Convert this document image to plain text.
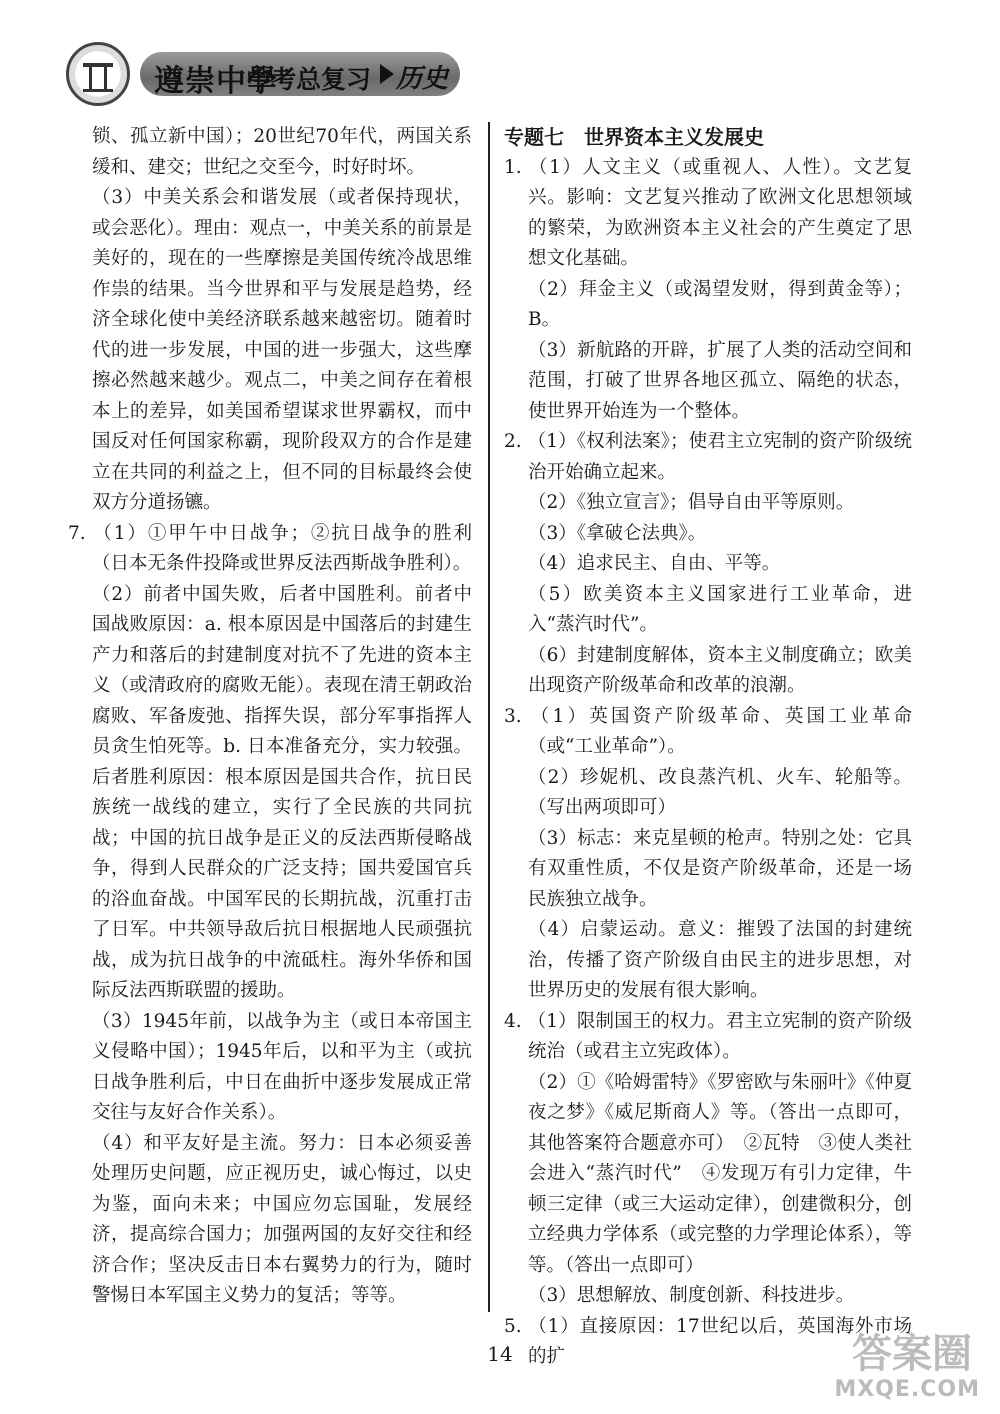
遵崇中學
中考总复习 历史

锁、孤立新中国）；20世纪70年代，两国关系缓和、建交；世纪之交至今，时好时坏。

（3）中美关系会和谐发展（或者保持现状，或会恶化）。理由：观点一，中美关系的前景是美好的，现在的一些摩擦是美国传统冷战思维作祟的结果。当今世界和平与发展是趋势，经济全球化使中美经济联系越来越密切。随着时代的进一步发展，中国的进一步强大，这些摩擦必然越来越少。观点二，中美之间存在着根本上的差异，如美国希望谋求世界霸权，而中国反对任何国家称霸，现阶段双方的合作是建立在共同的利益之上，但不同的目标最终会使双方分道扬镳。

7. （1）①甲午中日战争；②抗日战争的胜利（日本无条件投降或世界反法西斯战争胜利）。

（2）前者中国失败，后者中国胜利。前者中国战败原因：a. 根本原因是中国落后的封建生产力和落后的封建制度对抗不了先进的资本主义（或清政府的腐败无能）。表现在清王朝政治腐败、军备废弛、指挥失误，部分军事指挥人员贪生怕死等。b. 日本准备充分，实力较强。后者胜利原因：根本原因是国共合作，抗日民族统一战线的建立，实行了全民族的共同抗战；中国的抗日战争是正义的反法西斯侵略战争，得到人民群众的广泛支持；国共爱国官兵的浴血奋战。中国军民的长期抗战，沉重打击了日军。中共领导敌后抗日根据地人民顽强抗战，成为抗日战争的中流砥柱。海外华侨和国际反法西斯联盟的援助。

（3）1945年前，以战争为主（或日本帝国主义侵略中国）；1945年后，以和平为主（或抗日战争胜利后，中日在曲折中逐步发展成正常交往与友好合作关系）。

（4）和平友好是主流。努力：日本必须妥善处理历史问题，应正视历史，诚心悔过，以史为鉴，面向未来；中国应勿忘国耻，发展经济，提高综合国力；加强两国的友好交往和经济合作；坚决反击日本右翼势力的行为，随时警惕日本军国主义势力的复活；等等。

专题七　世界资本主义发展史

1. （1）人文主义（或重视人、人性）。文艺复兴。影响：文艺复兴推动了欧洲文化思想领域的繁荣，为欧洲资本主义社会的产生奠定了思想文化基础。

（2）拜金主义（或渴望发财，得到黄金等）；B。

（3）新航路的开辟，扩展了人类的活动空间和范围，打破了世界各地区孤立、隔绝的状态，使世界开始连为一个整体。

2. （1）《权利法案》；使君主立宪制的资产阶级统治开始确立起来。

（2）《独立宣言》；倡导自由平等原则。

（3）《拿破仑法典》。

（4）追求民主、自由、平等。

（5）欧美资本主义国家进行工业革命，进入“蒸汽时代”。

（6）封建制度解体，资本主义制度确立；欧美出现资产阶级革命和改革的浪潮。

3. （1）英国资产阶级革命、英国工业革命（或“工业革命”）。

（2）珍妮机、改良蒸汽机、火车、轮船等。（写出两项即可）

（3）标志：来克星顿的枪声。特别之处：它具有双重性质，不仅是资产阶级革命，还是一场民族独立战争。

（4）启蒙运动。意义：摧毁了法国的封建统治，传播了资产阶级自由民主的进步思想，对世界历史的发展有很大影响。

4. （1）限制国王的权力。君主立宪制的资产阶级统治（或君主立宪政体）。

（2）①《哈姆雷特》《罗密欧与朱丽叶》《仲夏夜之梦》《威尼斯商人》等。（答出一点即可，其他答案符合题意亦可）　②瓦特　③使人类社会进入“蒸汽时代”　④发现万有引力定律，牛顿三定律（或三大运动定律），创建微积分，创立经典力学体系（或完整的力学理论体系），等等。（答出一点即可）

（3）思想解放、制度创新、科技进步。

5. （1）直接原因：17世纪以后，英国海外市场的扩

14	答案圈
MXQE.COM
